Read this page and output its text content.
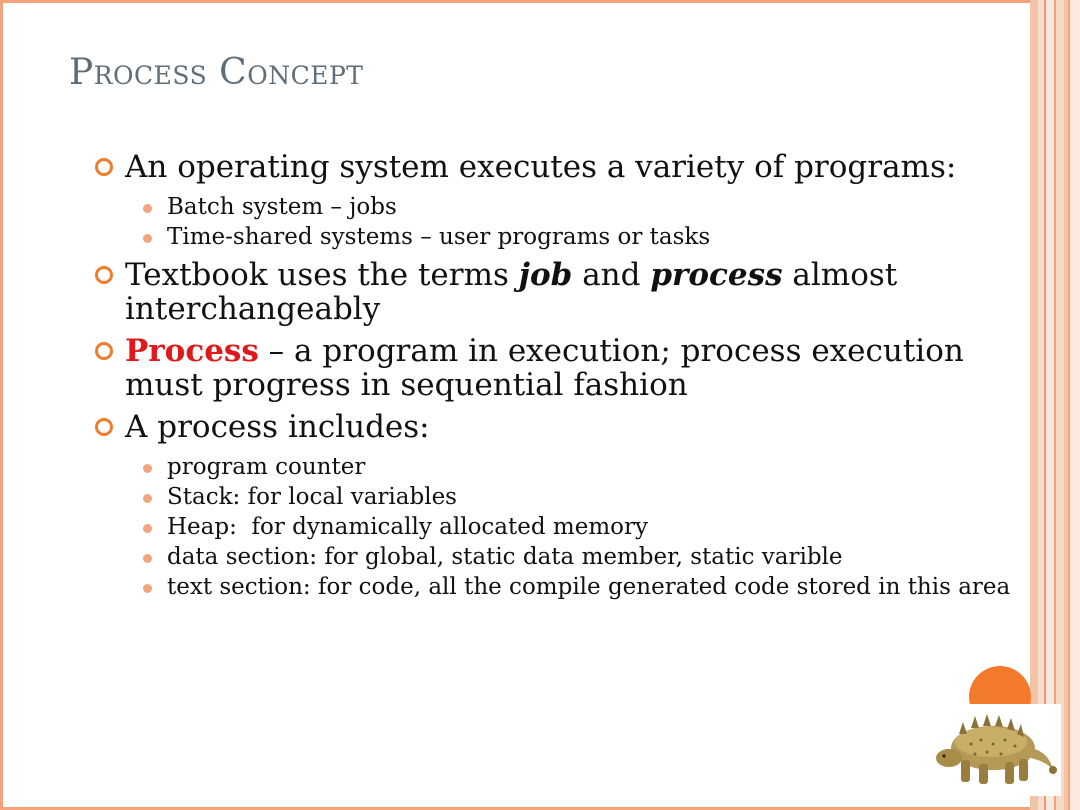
Process Concept
An operating system executes a variety of programs:
Batch system – jobs
Time-shared systems – user programs or tasks
Textbook uses the terms job and process almost interchangeably
Process – a program in execution; process execution must progress in sequential fashion
A process includes:
program counter
Stack: for local variables
Heap:  for dynamically allocated memory
data section: for global, static data member, static varible
text section: for code, all the compile generated code stored in this area
